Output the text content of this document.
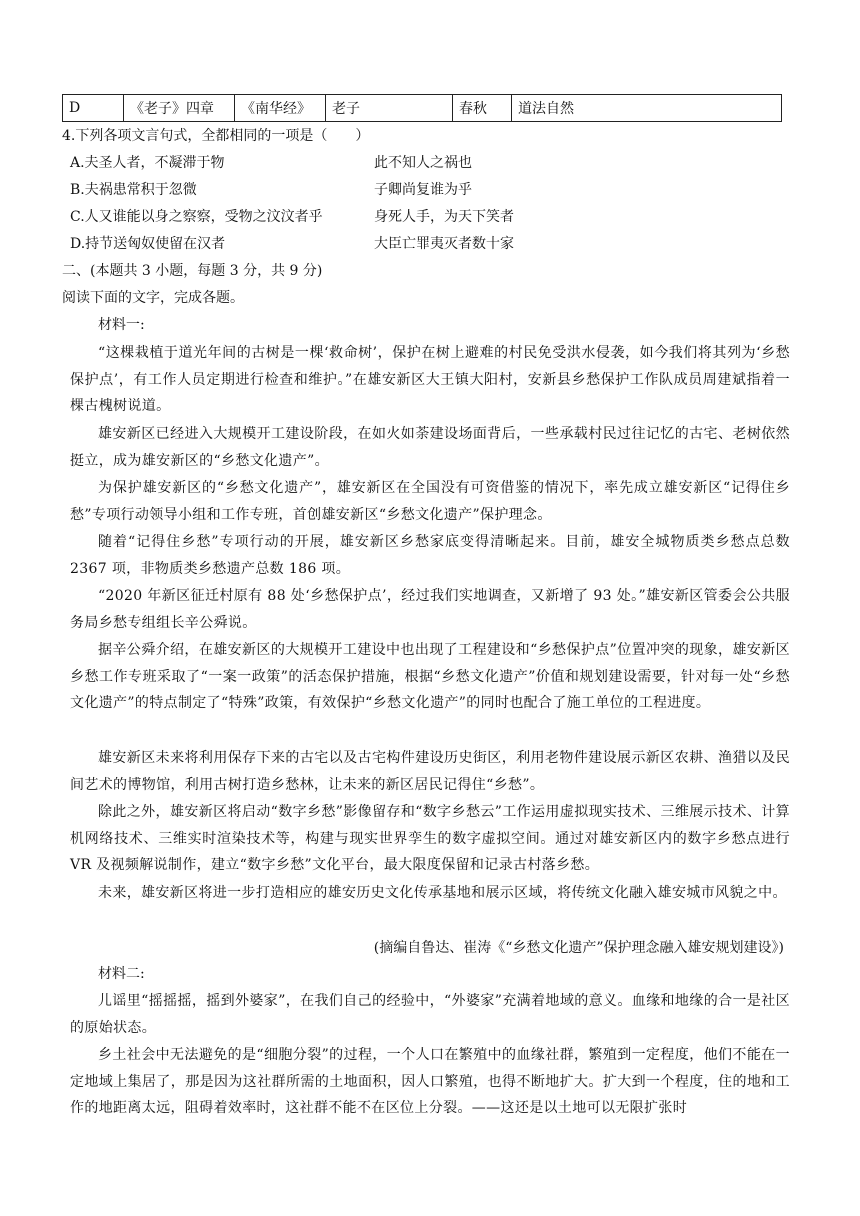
D	《老子》四章	《南华经》	老子	春秋	道法自然
4.下列各项文言句式，全都相同的一项是（　　）
A.夫圣人者，不凝滞于物	此不知人之祸也
B.夫祸患常积于忽微	子卿尚复谁为乎
C.人又谁能以身之察察，受物之汶汶者乎	身死人手，为天下笑者
D.持节送匈奴使留在汉者	大臣亡罪夷灭者数十家
二、(本题共 3 小题，每题 3 分，共 9 分)
阅读下面的文字，完成各题。
材料一:
“这棵栽植于道光年间的古树是一棵‘救命树’，保护在树上避难的村民免受洪水侵袭，如今我们将其列为‘乡愁保护点’，有工作人员定期进行检查和维护。”在雄安新区大王镇大阳村，安新县乡愁保护工作队成员周建斌指着一棵古槐树说道。
雄安新区已经进入大规模开工建设阶段，在如火如荼建设场面背后，一些承载村民过往记忆的古宅、老树依然挺立，成为雄安新区的“乡愁文化遗产”。
为保护雄安新区的“乡愁文化遗产”，雄安新区在全国没有可资借鉴的情况下，率先成立雄安新区“记得住乡愁”专项行动领导小组和工作专班，首创雄安新区“乡愁文化遗产”保护理念。
随着“记得住乡愁”专项行动的开展，雄安新区乡愁家底变得清晰起来。目前，雄安全城物质类乡愁点总数 2367 项，非物质类乡愁遗产总数 186 项。
“2020 年新区征迁村原有 88 处‘乡愁保护点’，经过我们实地调查，又新增了 93 处。”雄安新区管委会公共服务局乡愁专组组长辛公舜说。
据辛公舜介绍，在雄安新区的大规模开工建设中也出现了工程建设和“乡愁保护点”位置冲突的现象，雄安新区乡愁工作专班采取了“一案一政策”的活态保护措施，根据“乡愁文化遗产”价值和规划建设需要，针对每一处“乡愁文化遗产”的特点制定了“特殊”政策，有效保护“乡愁文化遗产”的同时也配合了施工单位的工程进度。
雄安新区未来将利用保存下来的古宅以及古宅构件建设历史街区，利用老物件建设展示新区农耕、渔猎以及民间艺术的博物馆，利用古树打造乡愁林，让未来的新区居民记得住“乡愁”。
除此之外，雄安新区将启动“数字乡愁”影像留存和“数字乡愁云”工作运用虚拟现实技术、三维展示技术、计算机网络技术、三维实时渲染技术等，构建与现实世界孪生的数字虚拟空间。通过对雄安新区内的数字乡愁点进行 VR 及视频解说制作，建立“数字乡愁”文化平台，最大限度保留和记录古村落乡愁。
未来，雄安新区将进一步打造相应的雄安历史文化传承基地和展示区域，将传统文化融入雄安城市风貌之中。
(摘编自鲁达、崔涛《“乡愁文化遗产”保护理念融入雄安规划建设》)
材料二:
儿谣里“摇摇摇，摇到外婆家”，在我们自己的经验中，“外婆家”充满着地域的意义。血缘和地缘的合一是社区的原始状态。
乡土社会中无法避免的是“细胞分裂”的过程，一个人口在繁殖中的血缘社群，繁殖到一定程度，他们不能在一定地域上集居了，那是因为这社群所需的土地面积，因人口繁殖，也得不断地扩大。扩大到一个程度，住的地和工作的地距离太远，阻碍着效率时，这社群不能不在区位上分裂。——这还是以土地可以无限扩张时
